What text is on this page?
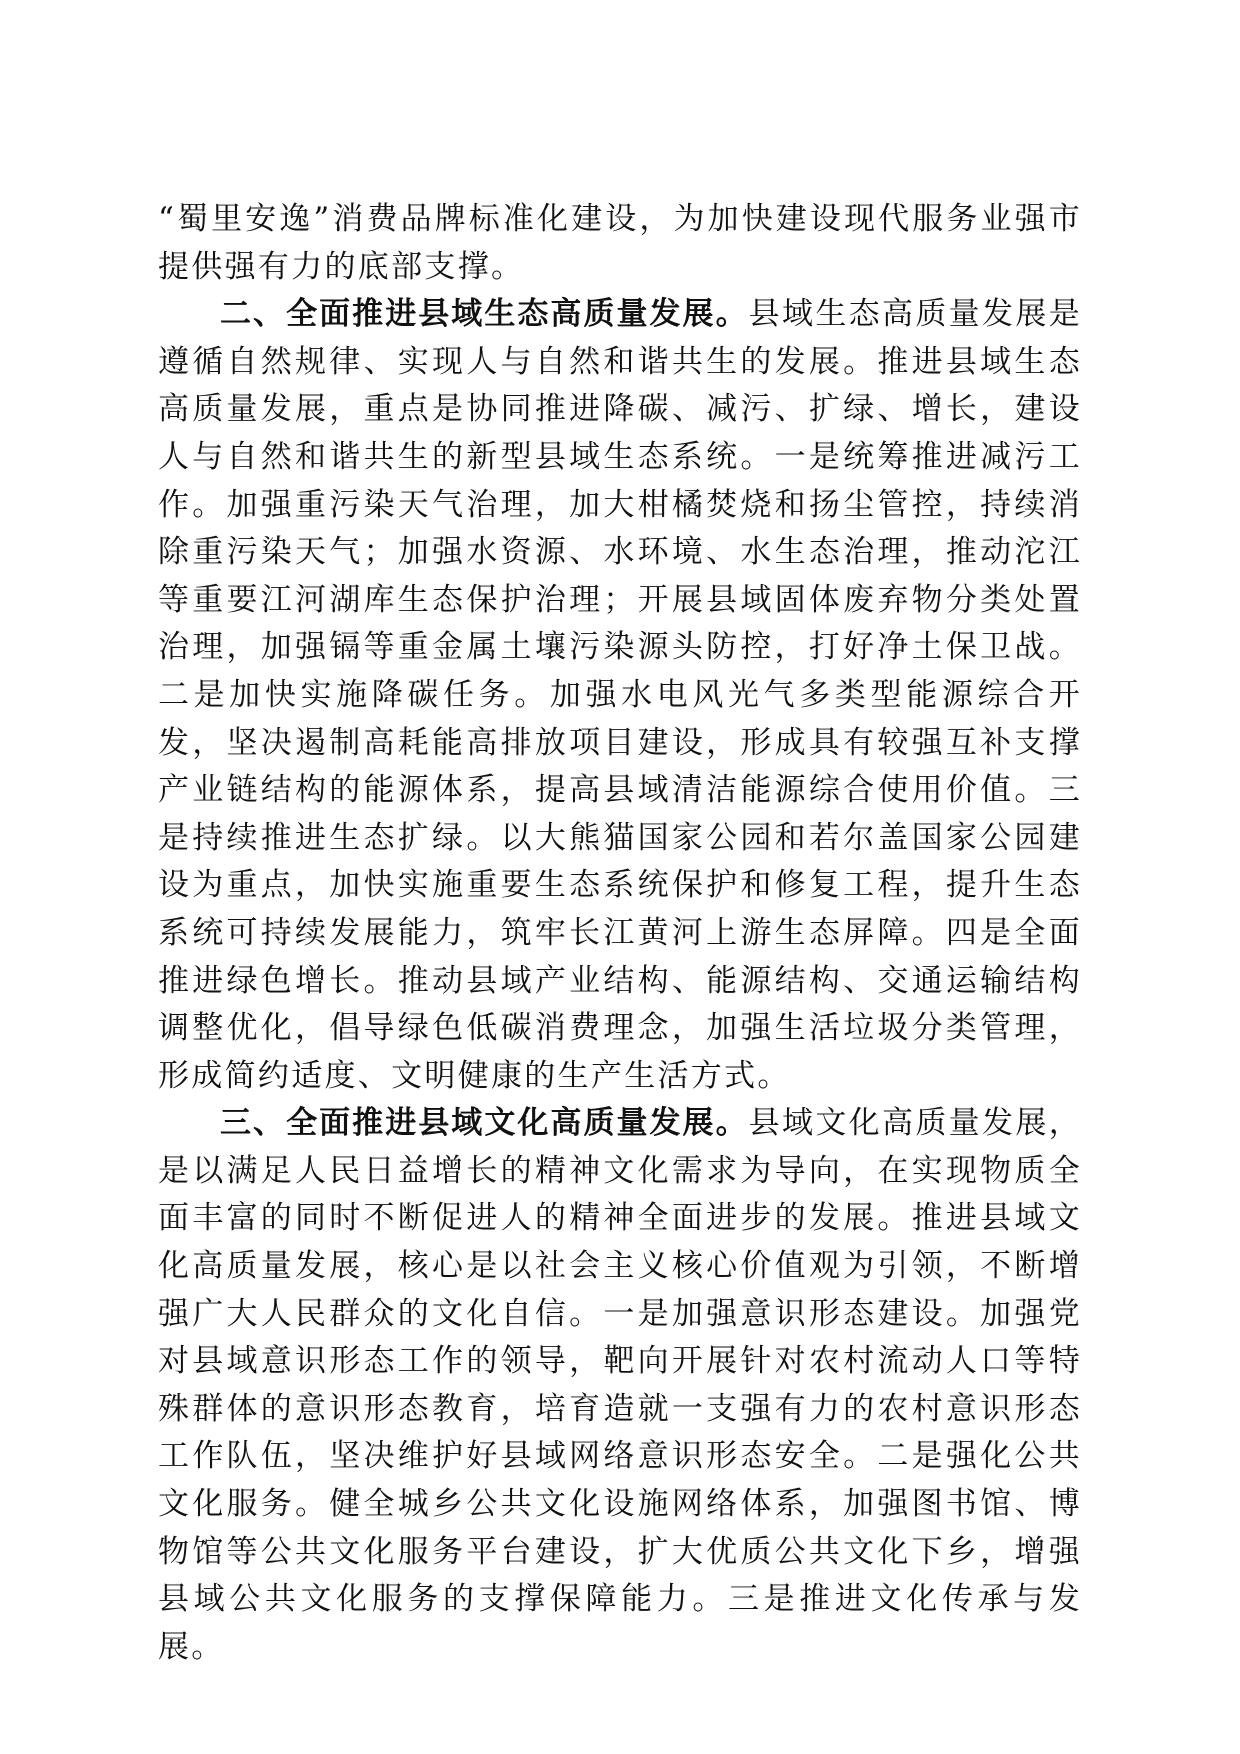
“蜀里安逸”消费品牌标准化建设，为加快建设现代服务业强市提供强有力的底部支撑。

二、全面推进县域生态高质量发展。县域生态高质量发展是遵循自然规律、实现人与自然和谐共生的发展。推进县域生态高质量发展，重点是协同推进降碳、减污、扩绿、增长，建设人与自然和谐共生的新型县域生态系统。一是统筹推进减污工作。加强重污染天气治理，加大柑橘焚烧和扬尘管控，持续消除重污染天气；加强水资源、水环境、水生态治理，推动沱江等重要江河湖库生态保护治理；开展县域固体废弃物分类处置治理，加强镉等重金属土壤污染源头防控，打好净土保卫战。二是加快实施降碳任务。加强水电风光气多类型能源综合开发，坚决遏制高耗能高排放项目建设，形成具有较强互补支撑产业链结构的能源体系，提高县域清洁能源综合使用价值。三是持续推进生态扩绿。以大熊猫国家公园和若尔盖国家公园建设为重点，加快实施重要生态系统保护和修复工程，提升生态系统可持续发展能力，筑牢长江黄河上游生态屏障。四是全面推进绿色增长。推动县域产业结构、能源结构、交通运输结构调整优化，倡导绿色低碳消费理念，加强生活垃圾分类管理，形成简约适度、文明健康的生产生活方式。

三、全面推进县域文化高质量发展。县域文化高质量发展，是以满足人民日益增长的精神文化需求为导向，在实现物质全面丰富的同时不断促进人的精神全面进步的发展。推进县域文化高质量发展，核心是以社会主义核心价值观为引领，不断增强广大人民群众的文化自信。一是加强意识形态建设。加强党对县域意识形态工作的领导，靶向开展针对农村流动人口等特殊群体的意识形态教育，培育造就一支强有力的农村意识形态工作队伍，坚决维护好县域网络意识形态安全。二是强化公共文化服务。健全城乡公共文化设施网络体系，加强图书馆、博物馆等公共文化服务平台建设，扩大优质公共文化下乡，增强县域公共文化服务的支撑保障能力。三是推进文化传承与发展。
